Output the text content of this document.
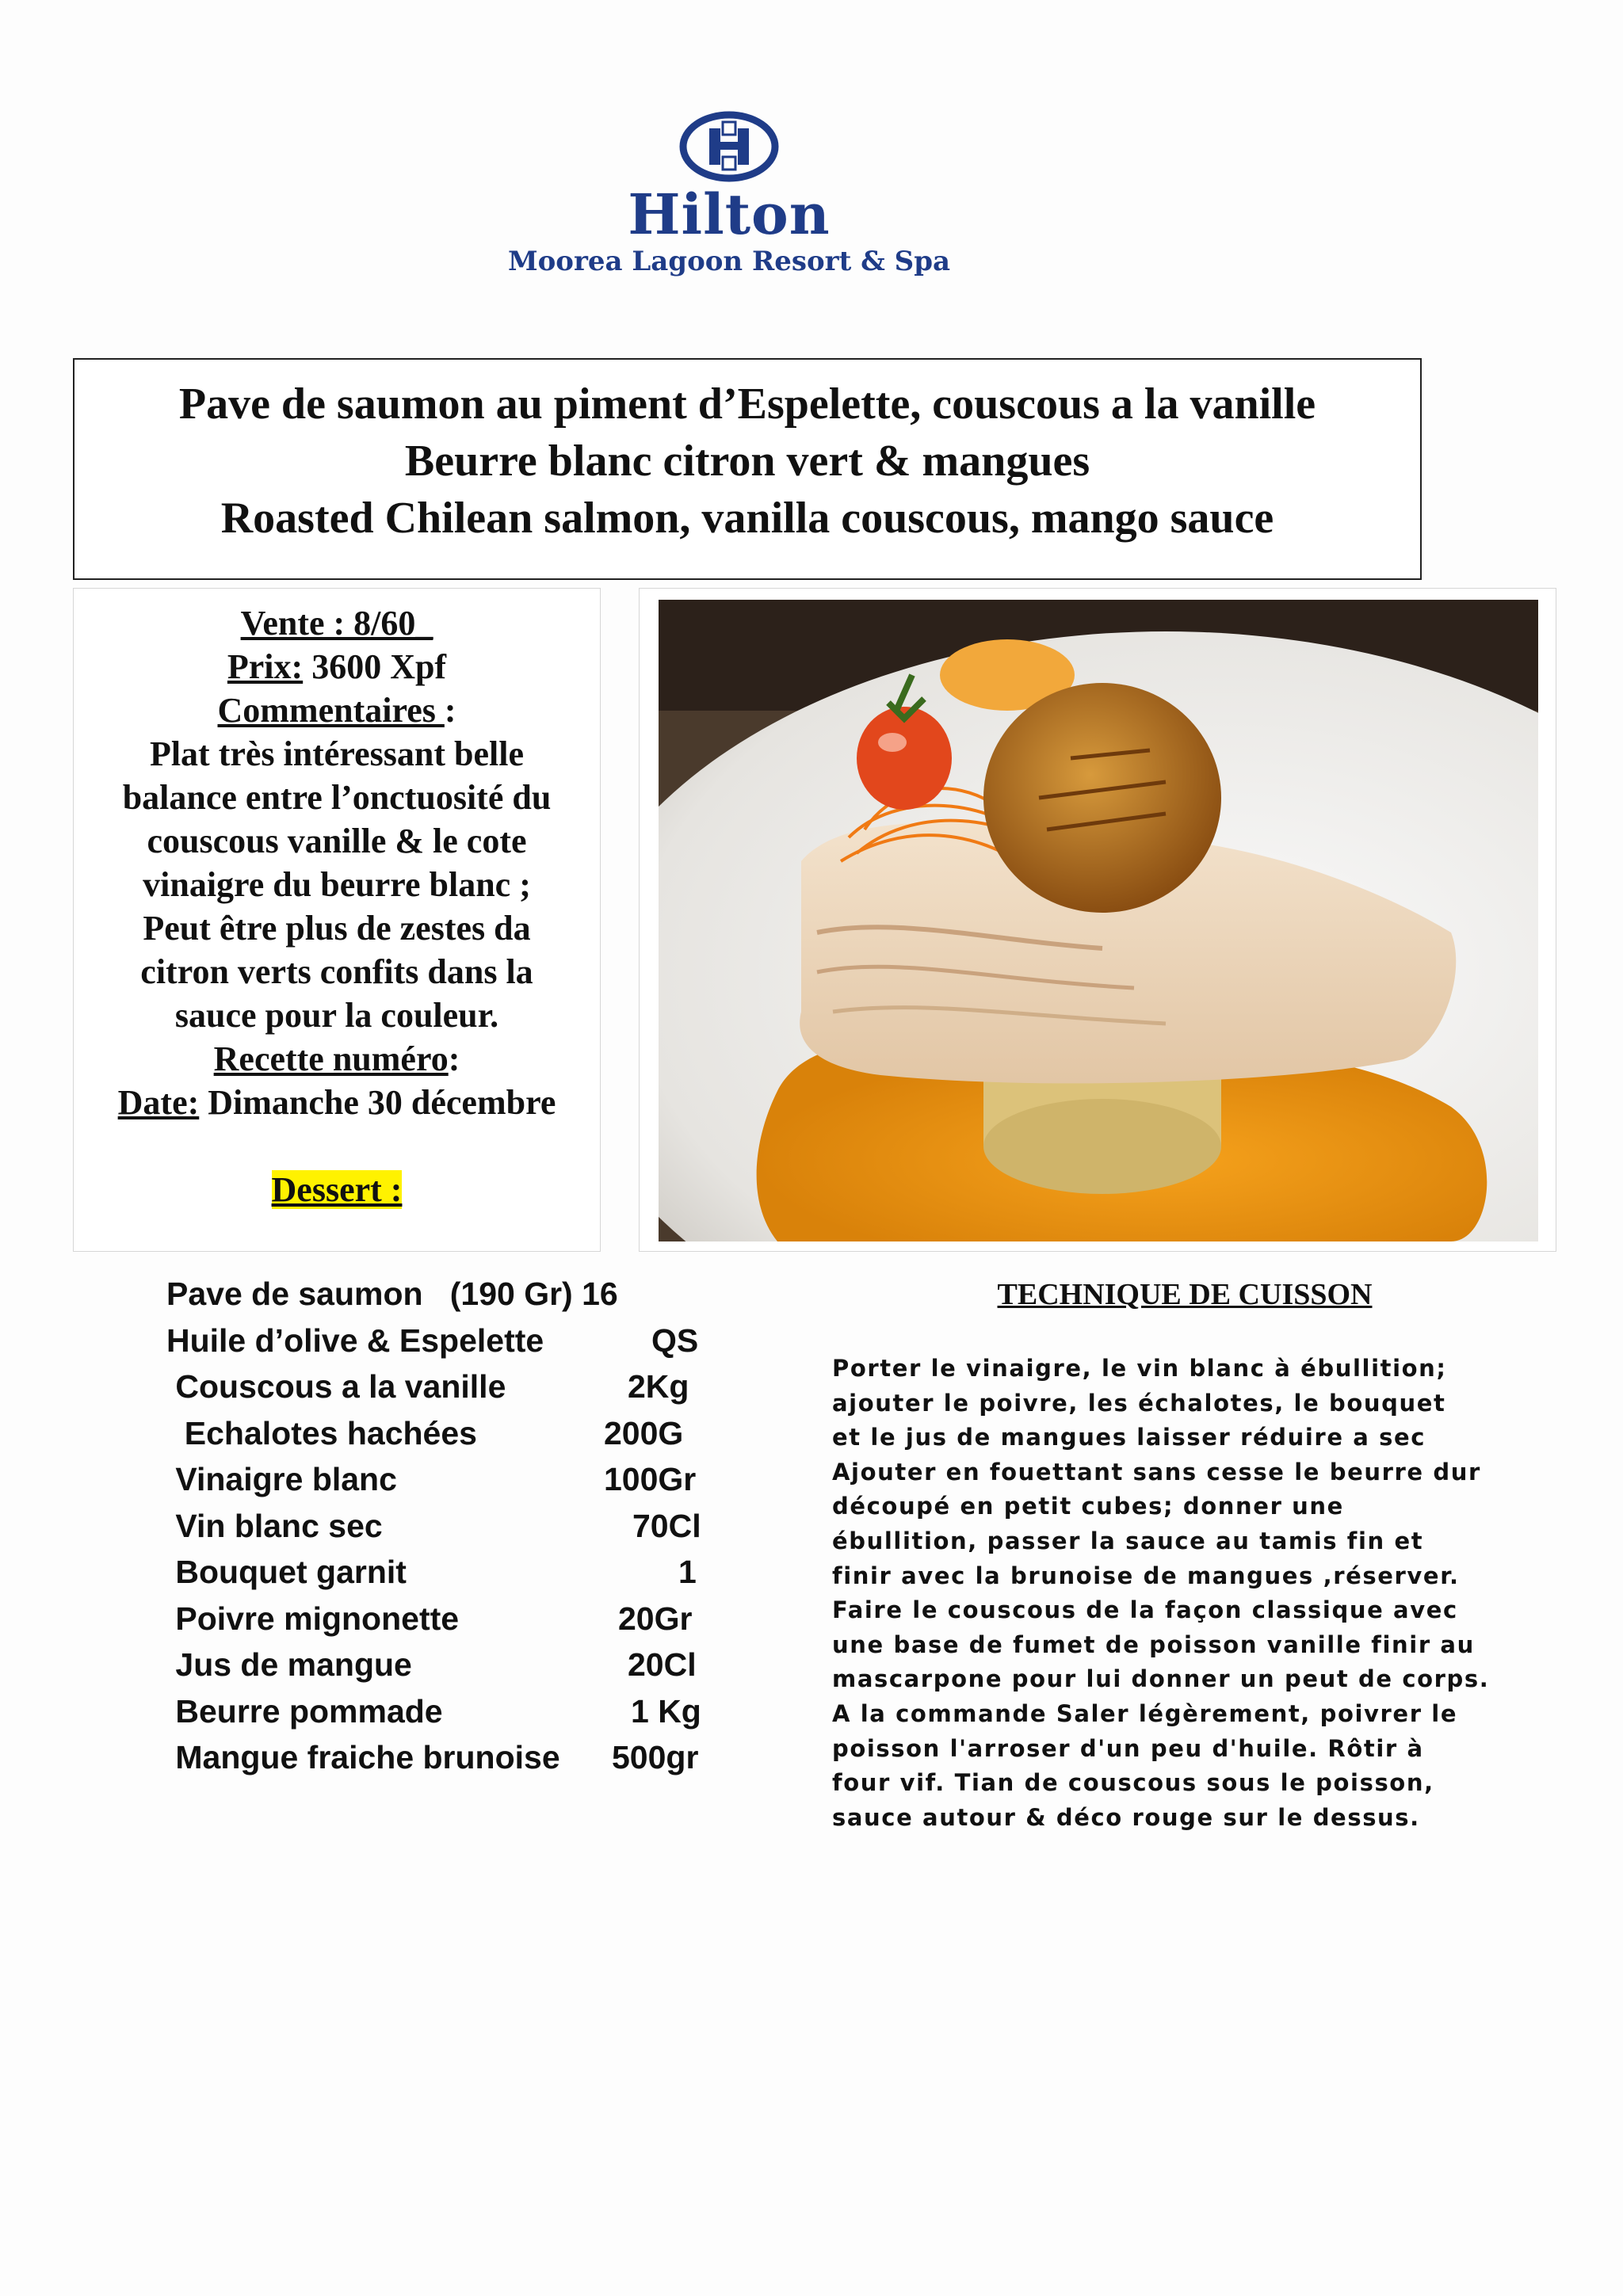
Hilton
Moorea Lagoon Resort & Spa
Pave de saumon au piment d’Espelette, couscous a la vanille
Beurre blanc citron vert & mangues
Roasted Chilean salmon, vanilla couscous, mango sauce
Vente : 8/60_
Prix: 3600 Xpf
Commentaires :
Plat très intéressant belle
balance entre l’onctuosité du
couscous vanille & le cote
vinaigre du beurre blanc ;
Peut être plus de zestes da
citron verts confits dans la
sauce pour la couleur.
Recette numéro:
Date: Dimanche 30 décembre
Dessert :
Pave de saumon   (190 Gr) 16
Huile d’olive & Espelette	QS
Couscous a la vanille	2Kg
Echalotes hachées	200G
Vinaigre blanc	100Gr
Vin blanc sec	70Cl
Bouquet garnit	1
Poivre mignonette	20Gr
Jus de mangue	20Cl
Beurre pommade	1 Kg
Mangue fraiche brunoise 500gr
TECHNIQUE DE CUISSON
Porter le vinaigre, le vin blanc à ébullition;
ajouter le poivre, les échalotes, le bouquet
et le jus de mangues laisser réduire a sec
Ajouter en fouettant sans cesse le beurre dur
découpé en petit cubes; donner une
ébullition, passer la sauce au tamis fin et
finir avec la brunoise de mangues ,réserver.
Faire le couscous de la façon classique avec
une base de fumet de poisson vanille finir au
mascarpone pour lui donner un peut de corps.
A la commande Saler légèrement, poivrer le
poisson l'arroser d'un peu d'huile. Rôtir à
four vif. Tian de couscous sous le poisson,
sauce autour & déco rouge sur le dessus.
